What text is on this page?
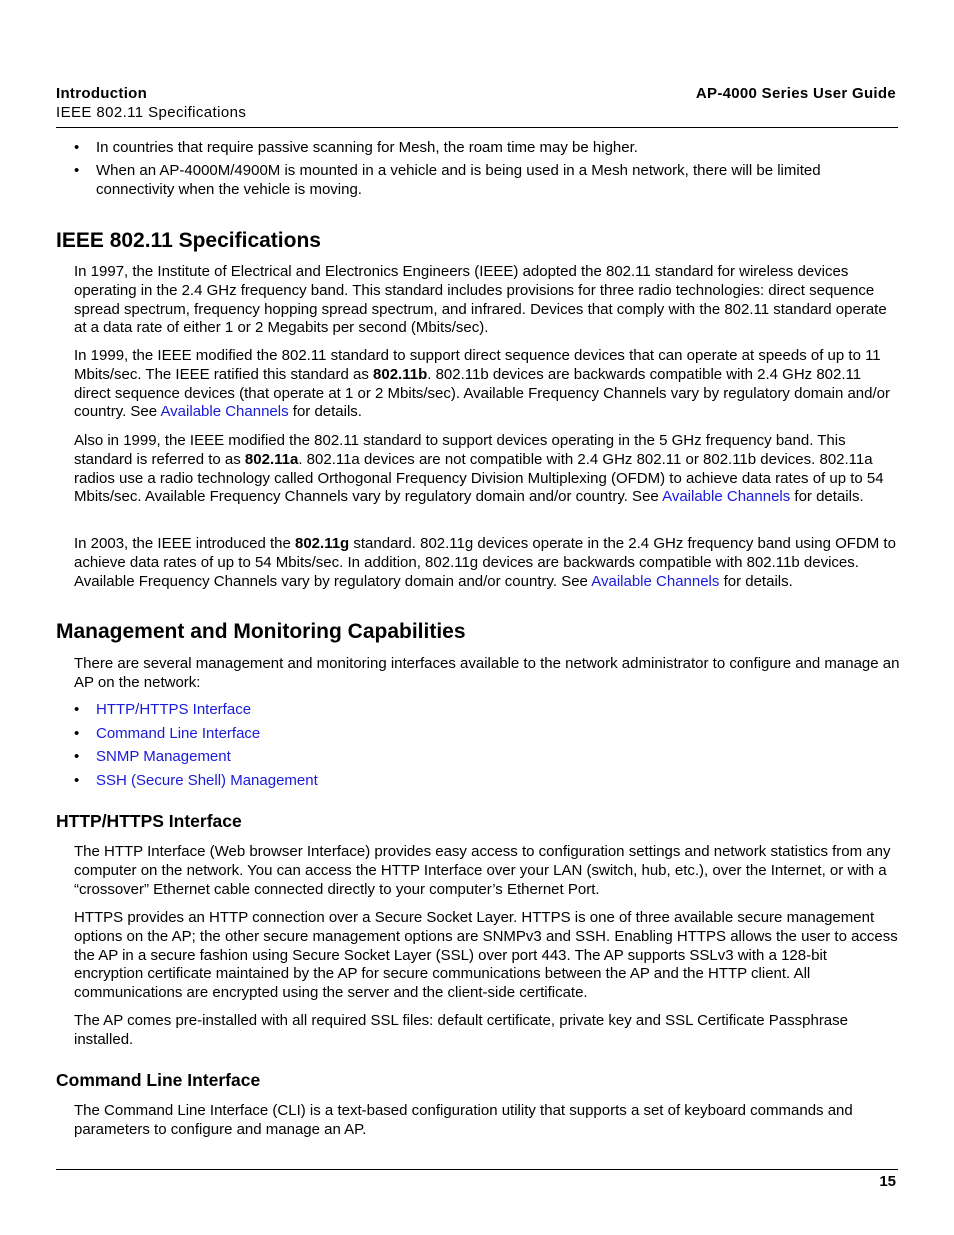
Introduction
IEEE 802.11 Specifications
AP-4000 Series User Guide
• In countries that require passive scanning for Mesh, the roam time may be higher.
• When an AP-4000M/4900M is mounted in a vehicle and is being used in a Mesh network, there will be limited connectivity when the vehicle is moving.
IEEE 802.11 Specifications
In 1997, the Institute of Electrical and Electronics Engineers (IEEE) adopted the 802.11 standard for wireless devices operating in the 2.4 GHz frequency band. This standard includes provisions for three radio technologies: direct sequence spread spectrum, frequency hopping spread spectrum, and infrared. Devices that comply with the 802.11 standard operate at a data rate of either 1 or 2 Megabits per second (Mbits/sec).
In 1999, the IEEE modified the 802.11 standard to support direct sequence devices that can operate at speeds of up to 11 Mbits/sec. The IEEE ratified this standard as 802.11b. 802.11b devices are backwards compatible with 2.4 GHz 802.11 direct sequence devices (that operate at 1 or 2 Mbits/sec). Available Frequency Channels vary by regulatory domain and/or country. See Available Channels for details.
Also in 1999, the IEEE modified the 802.11 standard to support devices operating in the 5 GHz frequency band. This standard is referred to as 802.11a. 802.11a devices are not compatible with 2.4 GHz 802.11 or 802.11b devices. 802.11a radios use a radio technology called Orthogonal Frequency Division Multiplexing (OFDM) to achieve data rates of up to 54 Mbits/sec. Available Frequency Channels vary by regulatory domain and/or country. See Available Channels for details.
In 2003, the IEEE introduced the 802.11g standard. 802.11g devices operate in the 2.4 GHz frequency band using OFDM to achieve data rates of up to 54 Mbits/sec. In addition, 802.11g devices are backwards compatible with 802.11b devices. Available Frequency Channels vary by regulatory domain and/or country. See Available Channels for details.
Management and Monitoring Capabilities
There are several management and monitoring interfaces available to the network administrator to configure and manage an AP on the network:
• HTTP/HTTPS Interface
• Command Line Interface
• SNMP Management
• SSH (Secure Shell) Management
HTTP/HTTPS Interface
The HTTP Interface (Web browser Interface) provides easy access to configuration settings and network statistics from any computer on the network. You can access the HTTP Interface over your LAN (switch, hub, etc.), over the Internet, or with a “crossover” Ethernet cable connected directly to your computer’s Ethernet Port.
HTTPS provides an HTTP connection over a Secure Socket Layer. HTTPS is one of three available secure management options on the AP; the other secure management options are SNMPv3 and SSH. Enabling HTTPS allows the user to access the AP in a secure fashion using Secure Socket Layer (SSL) over port 443. The AP supports SSLv3 with a 128-bit encryption certificate maintained by the AP for secure communications between the AP and the HTTP client. All communications are encrypted using the server and the client-side certificate.
The AP comes pre-installed with all required SSL files: default certificate, private key and SSL Certificate Passphrase installed.
Command Line Interface
The Command Line Interface (CLI) is a text-based configuration utility that supports a set of keyboard commands and parameters to configure and manage an AP.
15
